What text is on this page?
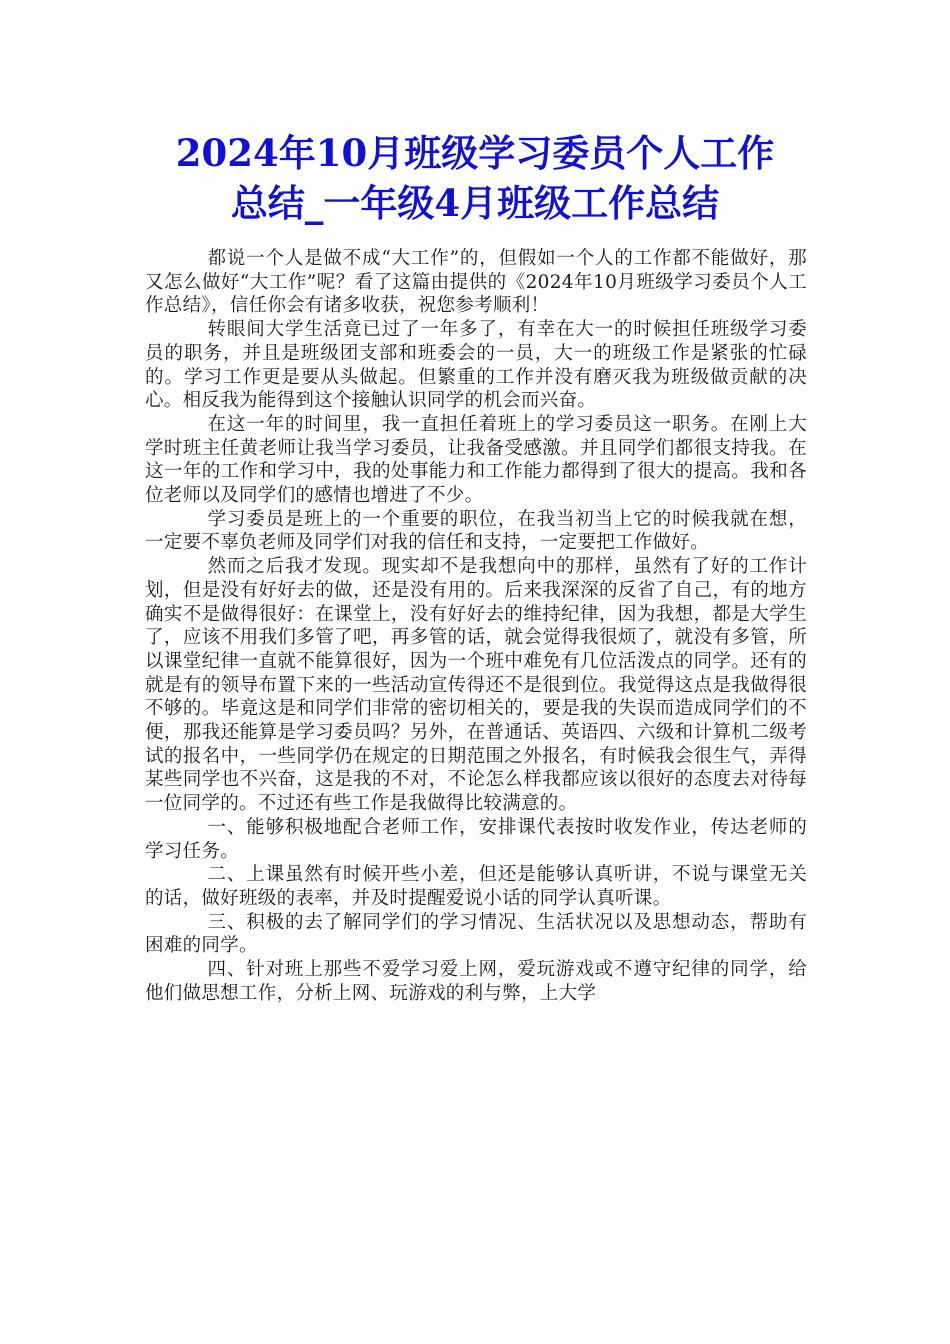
2024年10月班级学习委员个人工作
总结_一年级4月班级工作总结

都说一个人是做不成“大工作”的，但假如一个人的工作都不能做好，那又怎么做好“大工作”呢？看了这篇由提供的《2024年10月班级学习委员个人工作总结》，信任你会有诸多收获，祝您参考顺利！

转眼间大学生活竟已过了一年多了，有幸在大一的时候担任班级学习委员的职务，并且是班级团支部和班委会的一员，大一的班级工作是紧张的忙碌的。学习工作更是要从头做起。但繁重的工作并没有磨灭我为班级做贡献的决心。相反我为能得到这个接触认识同学的机会而兴奋。

在这一年的时间里，我一直担任着班上的学习委员这一职务。在刚上大学时班主任黄老师让我当学习委员，让我备受感激。并且同学们都很支持我。在这一年的工作和学习中，我的处事能力和工作能力都得到了很大的提高。我和各位老师以及同学们的感情也增进了不少。

学习委员是班上的一个重要的职位，在我当初当上它的时候我就在想，一定要不辜负老师及同学们对我的信任和支持，一定要把工作做好。

然而之后我才发现。现实却不是我想向中的那样，虽然有了好的工作计划，但是没有好好去的做，还是没有用的。后来我深深的反省了自己，有的地方确实不是做得很好：在课堂上，没有好好去的维持纪律，因为我想，都是大学生了，应该不用我们多管了吧，再多管的话，就会觉得我很烦了，就没有多管，所以课堂纪律一直就不能算很好，因为一个班中难免有几位活泼点的同学。还有的就是有的领导布置下来的一些活动宣传得还不是很到位。我觉得这点是我做得很不够的。毕竟这是和同学们非常的密切相关的，要是我的失误而造成同学们的不便，那我还能算是学习委员吗？另外，在普通话、英语四、六级和计算机二级考试的报名中，一些同学仍在规定的日期范围之外报名，有时候我会很生气，弄得某些同学也不兴奋，这是我的不对，不论怎么样我都应该以很好的态度去对待每一位同学的。不过还有些工作是我做得比较满意的。

一、能够积极地配合老师工作，安排课代表按时收发作业，传达老师的学习任务。

二、上课虽然有时候开些小差，但还是能够认真听讲，不说与课堂无关的话，做好班级的表率，并及时提醒爱说小话的同学认真听课。

三、积极的去了解同学们的学习情况、生活状况以及思想动态，帮助有困难的同学。

四、针对班上那些不爱学习爱上网，爱玩游戏或不遵守纪律的同学，给他们做思想工作，分析上网、玩游戏的利与弊，上大学
